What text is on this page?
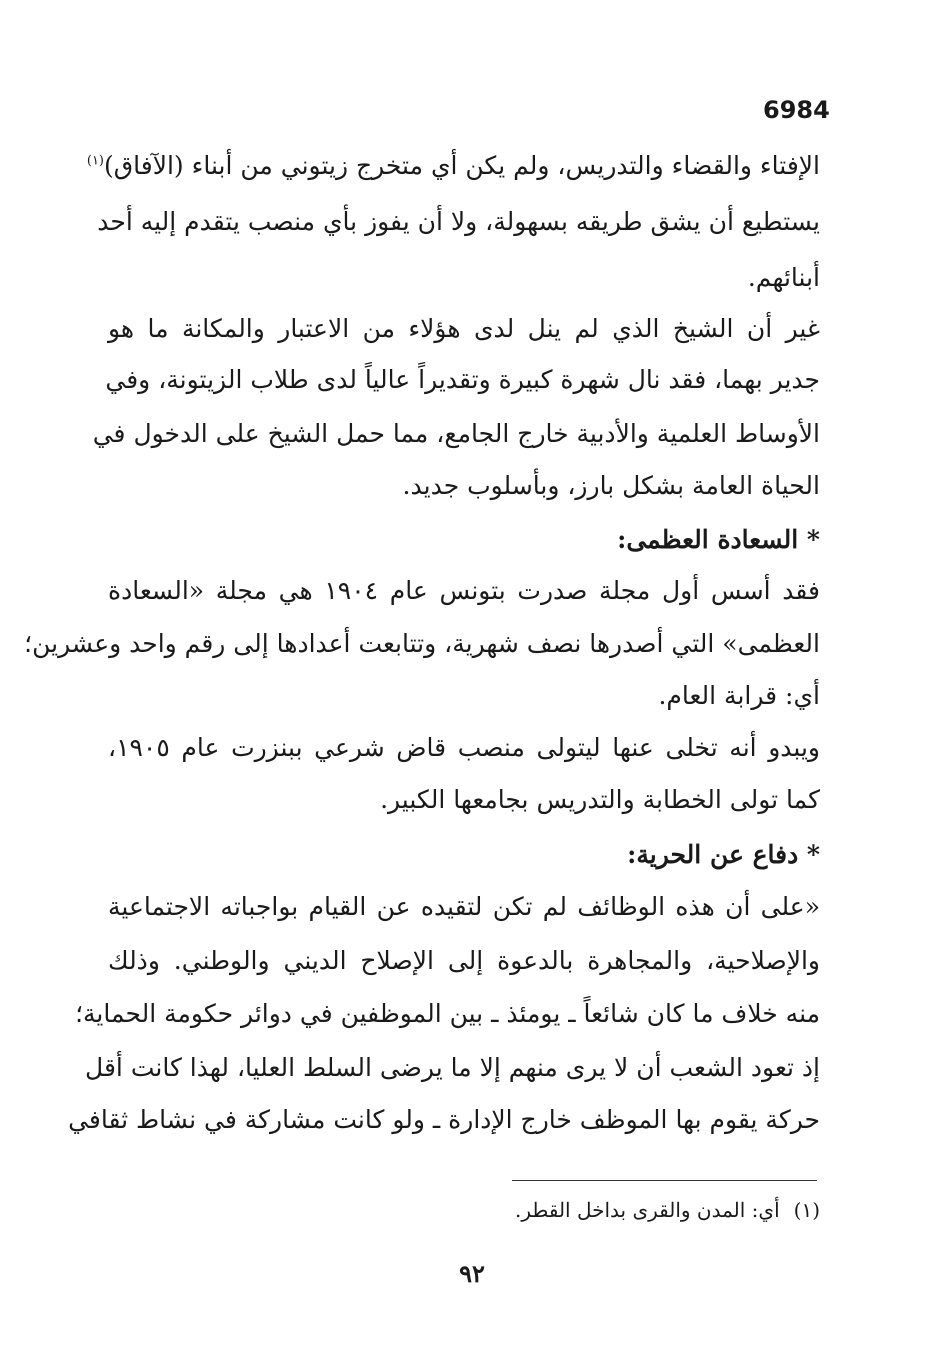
6984
الإفتاء والقضاء والتدريس، ولم يكن أي متخرج زيتوني من أبناء (الآفاق)$^{(١)}$
يستطيع أن يشق طريقه بسهولة، ولا أن يفوز بأي منصب يتقدم إليه أحد
أبنائهم.
غير أن الشيخ الذي لم ينل لدى هؤلاء من الاعتبار والمكانة ما هو
جدير بهما، فقد نال شهرة كبيرة وتقديراً عالياً لدى طلاب الزيتونة، وفي
الأوساط العلمية والأدبية خارج الجامع، مما حمل الشيخ على الدخول في
الحياة العامة بشكل بارز، وبأسلوب جديد.
* السعادة العظمى:
فقد أسس أول مجلة صدرت بتونس عام ١٩٠٤ هي مجلة «السعادة
العظمى» التي أصدرها نصف شهرية، وتتابعت أعدادها إلى رقم واحد وعشرين؛
أي: قرابة العام.
ويبدو أنه تخلى عنها ليتولى منصب قاض شرعي ببنزرت عام ١٩٠٥،
كما تولى الخطابة والتدريس بجامعها الكبير.
* دفاع عن الحرية:
«على أن هذه الوظائف لم تكن لتقيده عن القيام بواجباته الاجتماعية
والإصلاحية، والمجاهرة بالدعوة إلى الإصلاح الديني والوطني. وذلك
منه خلاف ما كان شائعاً ـ يومئذ ـ بين الموظفين في دوائر حكومة الحماية؛
إذ تعود الشعب أن لا يرى منهم إلا ما يرضى السلط العليا، لهذا كانت أقل
حركة يقوم بها الموظف خارج الإدارة ـ ولو كانت مشاركة في نشاط ثقافي
(١)أي: المدن والقرى بداخل القطر.
٩٢
